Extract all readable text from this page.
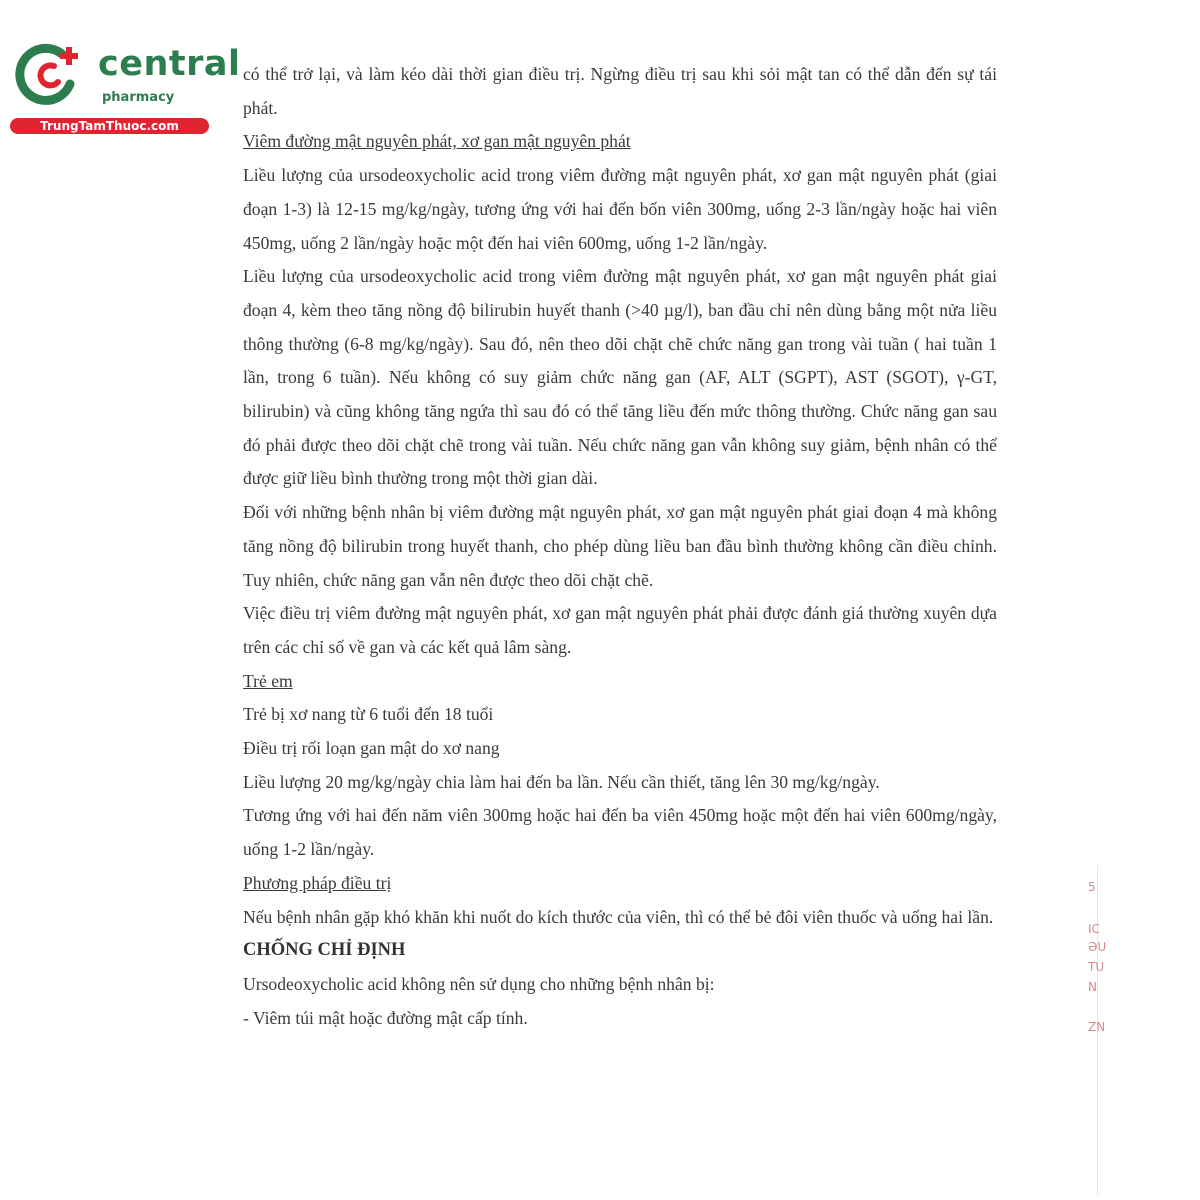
central
pharmacy
TrungTamThuoc.com

có thể trở lại, và làm kéo dài thời gian điều trị. Ngừng điều trị sau khi sỏi mật tan có thể dẫn đến sự tái phát.

Viêm đường mật nguyên phát, xơ gan mật nguyên phát

Liều lượng của ursodeoxycholic acid trong viêm đường mật nguyên phát, xơ gan mật nguyên phát (giai đoạn 1-3) là 12-15 mg/kg/ngày, tương ứng với hai đến bốn viên 300mg, uống 2-3 lần/ngày hoặc hai viên 450mg, uống 2 lần/ngày hoặc một đến hai viên 600mg, uống 1-2 lần/ngày.

Liều lượng của ursodeoxycholic acid trong viêm đường mật nguyên phát, xơ gan mật nguyên phát giai đoạn 4, kèm theo tăng nồng độ bilirubin huyết thanh (>40 µg/l), ban đầu chỉ nên dùng bằng một nửa liều thông thường (6-8 mg/kg/ngày). Sau đó, nên theo dõi chặt chẽ chức năng gan trong vài tuần ( hai tuần 1 lần, trong 6 tuần). Nếu không có suy giảm chức năng gan (AF, ALT (SGPT), AST (SGOT), γ-GT, bilirubin) và cũng không tăng ngứa thì sau đó có thể tăng liều đến mức thông thường. Chức năng gan sau đó phải được theo dõi chặt chẽ trong vài tuần. Nếu chức năng gan vẫn không suy giảm, bệnh nhân có thể được giữ liều bình thường trong một thời gian dài.

Đối với những bệnh nhân bị viêm đường mật nguyên phát, xơ gan mật nguyên phát giai đoạn 4 mà không tăng nồng độ bilirubin trong huyết thanh, cho phép dùng liều ban đầu bình thường không cần điều chỉnh. Tuy nhiên, chức năng gan vẫn nên được theo dõi chặt chẽ.

Việc điều trị viêm đường mật nguyên phát, xơ gan mật nguyên phát phải được đánh giá thường xuyên dựa trên các chỉ số về gan và các kết quả lâm sàng.

Trẻ em

Trẻ bị xơ nang từ 6 tuổi đến 18 tuổi

Điều trị rối loạn gan mật do xơ nang

Liều lượng 20 mg/kg/ngày chia làm hai đến ba lần. Nếu cần thiết, tăng lên 30 mg/kg/ngày.

Tương ứng với hai đến năm viên 300mg hoặc hai đến ba viên 450mg hoặc một đến hai viên 600mg/ngày, uống 1-2 lần/ngày.

Phương pháp điều trị

Nếu bệnh nhân gặp khó khăn khi nuốt do kích thước của viên, thì có thể bẻ đôi viên thuốc và uống hai lần.

CHỐNG CHỈ ĐỊNH

Ursodeoxycholic acid không nên sử dụng cho những bệnh nhân bị:

- Viêm túi mật hoặc đường mật cấp tính.

5
IC
ƏU
TU
N
ZN
